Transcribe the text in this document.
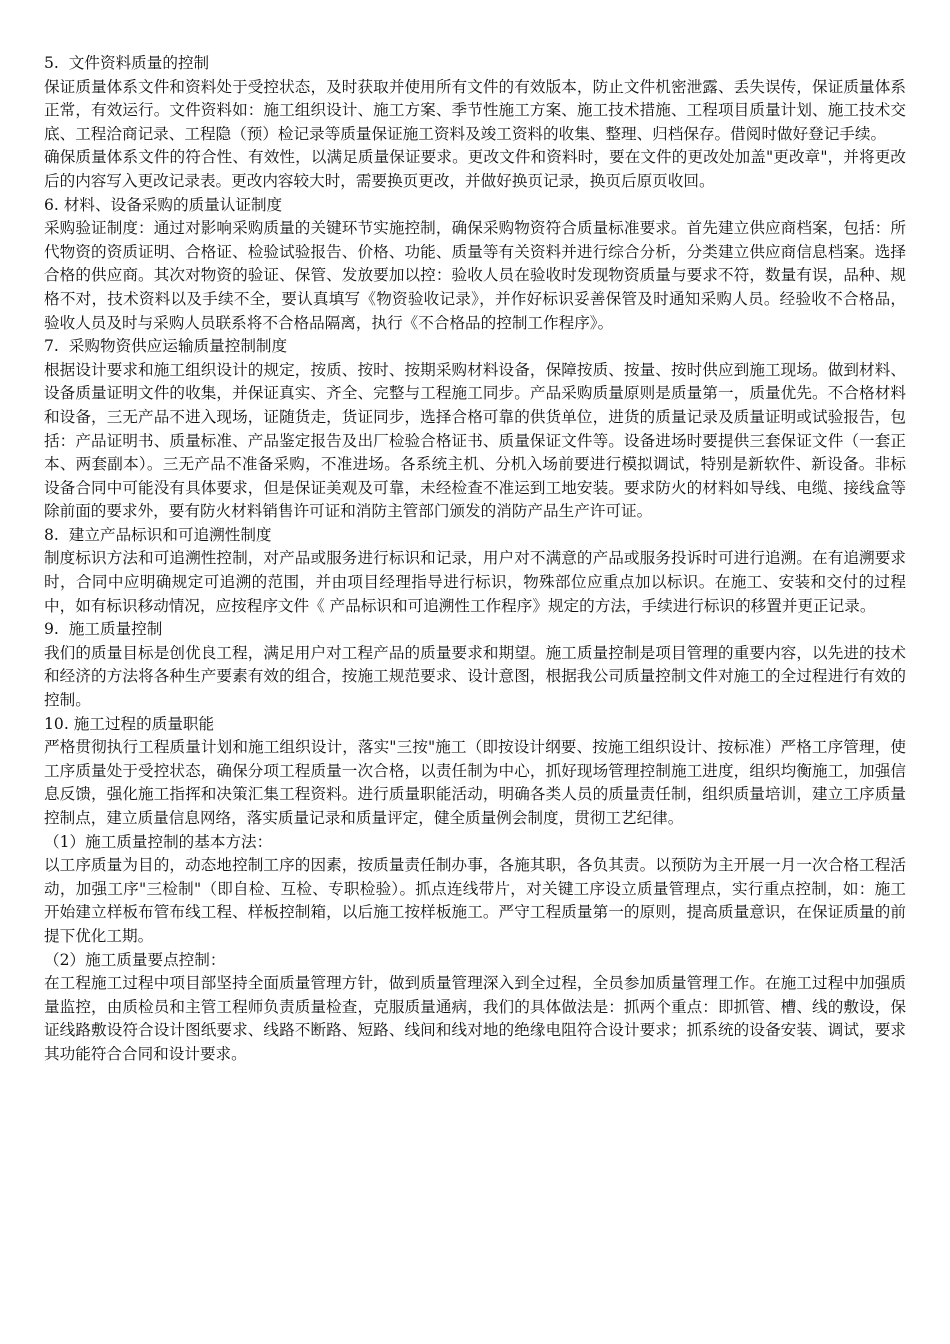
5.  文件资料质量的控制

保证质量体系文件和资料处于受控状态，及时获取并使用所有文件的有效版本，防止文件机密泄露、丢失误传，保证质量体系正常，有效运行。文件资料如：施工组织设计、施工方案、季节性施工方案、施工技术措施、工程项目质量计划、施工技术交底、工程洽商记录、工程隐（预）检记录等质量保证施工资料及竣工资料的收集、整理、归档保存。借阅时做好登记手续。

确保质量体系文件的符合性、有效性，以满足质量保证要求。更改文件和资料时，要在文件的更改处加盖"更改章"，并将更改后的内容写入更改记录表。更改内容较大时，需要换页更改，并做好换页记录，换页后原页收回。

6. 材料、设备采购的质量认证制度

采购验证制度：通过对影响采购质量的关键环节实施控制，确保采购物资符合质量标准要求。首先建立供应商档案，包括：所代物资的资质证明、合格证、检验试验报告、价格、功能、质量等有关资料并进行综合分析，分类建立供应商信息档案。选择合格的供应商。其次对物资的验证、保管、发放要加以控：验收人员在验收时发现物资质量与要求不符，数量有误，品种、规格不对，技术资料以及手续不全，要认真填写《物资验收记录》，并作好标识妥善保管及时通知采购人员。经验收不合格品，验收人员及时与采购人员联系将不合格品隔离，执行《不合格品的控制工作程序》。

7.  采购物资供应运输质量控制制度

根据设计要求和施工组织设计的规定，按质、按时、按期采购材料设备，保障按质、按量、按时供应到施工现场。做到材料、设备质量证明文件的收集，并保证真实、齐全、完整与工程施工同步。产品采购质量原则是质量第一，质量优先。不合格材料和设备，三无产品不进入现场，证随货走，货证同步，选择合格可靠的供货单位，进货的质量记录及质量证明或试验报告，包括：产品证明书、质量标准、产品鉴定报告及出厂检验合格证书、质量保证文件等。设备进场时要提供三套保证文件（一套正本、两套副本）。三无产品不准备采购，不准进场。各系统主机、分机入场前要进行模拟调试，特别是新软件、新设备。非标设备合同中可能没有具体要求，但是保证美观及可靠，未经检查不准运到工地安装。要求防火的材料如导线、电缆、接线盒等除前面的要求外，要有防火材料销售许可证和消防主管部门颁发的消防产品生产许可证。

8.  建立产品标识和可追溯性制度

制度标识方法和可追溯性控制，对产品或服务进行标识和记录，用户对不满意的产品或服务投诉时可进行追溯。在有追溯要求时，合同中应明确规定可追溯的范围，并由项目经理指导进行标识，物殊部位应重点加以标识。在施工、安装和交付的过程中，如有标识移动情况，应按程序文件《 产品标识和可追溯性工作程序》规定的方法，手续进行标识的移置并更正记录。

9.  施工质量控制

我们的质量目标是创优良工程，满足用户对工程产品的质量要求和期望。施工质量控制是项目管理的重要内容，以先进的技术和经济的方法将各种生产要素有效的组合，按施工规范要求、设计意图，根据我公司质量控制文件对施工的全过程进行有效的控制。

10. 施工过程的质量职能

严格贯彻执行工程质量计划和施工组织设计，落实"三按"施工（即按设计纲要、按施工组织设计、按标准）严格工序管理，使工序质量处于受控状态，确保分项工程质量一次合格，以责任制为中心，抓好现场管理控制施工进度，组织均衡施工，加强信息反馈，强化施工指挥和决策汇集工程资料。进行质量职能活动，明确各类人员的质量责任制，组织质量培训，建立工序质量控制点，建立质量信息网络，落实质量记录和质量评定，健全质量例会制度，贯彻工艺纪律。

（1）施工质量控制的基本方法：

以工序质量为目的，动态地控制工序的因素，按质量责任制办事，各施其职，各负其责。以预防为主开展一月一次合格工程活动，加强工序"三检制"（即自检、互检、专职检验）。抓点连线带片，对关键工序设立质量管理点，实行重点控制，如：施工开始建立样板布管布线工程、样板控制箱，以后施工按样板施工。严守工程质量第一的原则，提高质量意识，在保证质量的前提下优化工期。

（2）施工质量要点控制：

在工程施工过程中项目部坚持全面质量管理方针，做到质量管理深入到全过程，全员参加质量管理工作。在施工过程中加强质量监控，由质检员和主管工程师负责质量检查，克服质量通病，我们的具体做法是：抓两个重点：即抓管、槽、线的敷设，保证线路敷设符合设计图纸要求、线路不断路、短路、线间和线对地的绝缘电阻符合设计要求；抓系统的设备安装、调试，要求其功能符合合同和设计要求。
